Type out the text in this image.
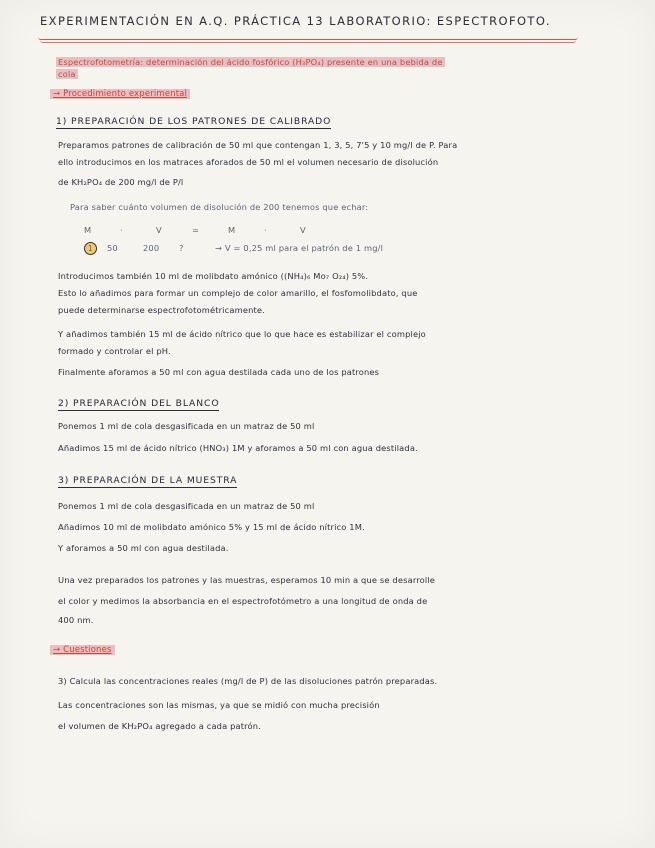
EXPERIMENTACIÓN EN A.Q. PRÁCTICA 13 LABORATORIO: ESPECTROFOTO.
Espectrofotometría: determinación del ácido fosfórico (H₃PO₄) presente en una bebida de
cola
→ Procedimiento experimental
1) PREPARACIÓN DE LOS PATRONES DE CALIBRADO
Preparamos patrones de calibración de 50 ml que contengan 1, 3, 5, 7'5 y 10 mg/l de P. Para
ello introducimos en los matraces aforados de 50 ml el volumen necesario de disolución
de KH₂PO₄ de 200 mg/l de P/l
Para saber cuánto volumen de disolución de 200 tenemos que echar:
M	·	V	=	M	·	V
1 50	200 ?	→ V = 0,25 ml para el patrón de 1 mg/l
Introducimos también 10 ml de molibdato amónico ((NH₄)₆ Mo₇ O₂₄) 5%.
Esto lo añadimos para formar un complejo de color amarillo, el fosfomolibdato, que
puede determinarse espectrofotométricamente.
Y añadimos también 15 ml de ácido nítrico que lo que hace es estabilizar el complejo
formado y controlar el pH.
Finalmente aforamos a 50 ml con agua destilada cada uno de los patrones
2) PREPARACIÓN DEL BLANCO
Ponemos 1 ml de cola desgasificada en un matraz de 50 ml
Añadimos 15 ml de ácido nítrico (HNO₃) 1M y aforamos a 50 ml con agua destilada.
3) PREPARACIÓN DE LA MUESTRA
Ponemos 1 ml de cola desgasificada en un matraz de 50 ml
Añadimos 10 ml de molibdato amónico 5% y 15 ml de ácido nítrico 1M.
Y aforamos a 50 ml con agua destilada.
Una vez preparados los patrones y las muestras, esperamos 10 min a que se desarrolle
el color y medimos la absorbancia en el espectrofotómetro a una longitud de onda de
400 nm.
→ Cuestiones
3) Calcula las concentraciones reales (mg/l de P) de las disoluciones patrón preparadas.
Las concentraciones son las mismas, ya que se midió con mucha precisión
el volumen de KH₂PO₄ agregado a cada patrón.
